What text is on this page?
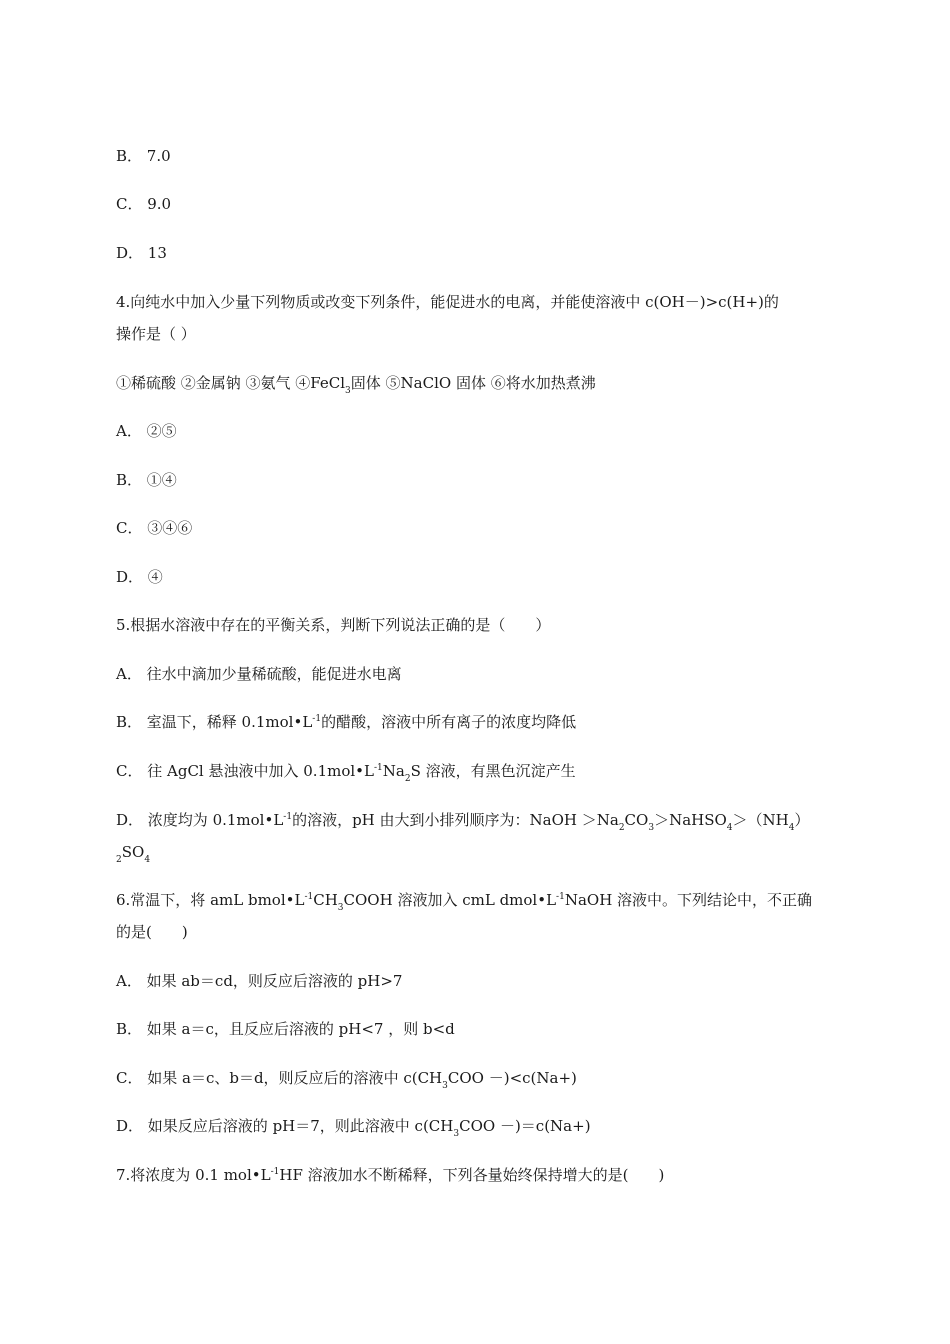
B． 7.0
C． 9.0
D． 13
4.向纯水中加入少量下列物质或改变下列条件，能促进水的电离，并能使溶液中 c(OH－)>c(H+)的
操作是（ ）
①稀硫酸 ②金属钠 ③氨气 ④FeCl$_3$固体 ⑤NaClO 固体 ⑥将水加热煮沸
A． ②⑤
B． ①④
C． ③④⑥
D． ④
5.根据水溶液中存在的平衡关系，判断下列说法正确的是（　　）
A． 往水中滴加少量稀硫酸，能促进水电离
B． 室温下，稀释 $0.1mol•L^{-1}$的醋酸，溶液中所有离子的浓度均降低
C． 往 AgCl 悬浊液中加入 $0.1mol•L^{-1}Na_2S$ 溶液，有黑色沉淀产生
D． 浓度均为 $0.1mol•L^{-1}$的溶液，pH 由大到小排列顺序为：NaOH $>Na_2CO_3>NaHSO_4>(NH_4)$
$_2SO_4$
6.常温下，将 amL $bmol•L^{-1}CH_3COOH$ 溶液加入 cmL $dmol•L^{-1}NaOH$ 溶液中。下列结论中，不正确
的是(　　)
A． 如果 ab＝cd，则反应后溶液的 pH>7
B． 如果 a＝c，且反应后溶液的 pH<7 ，则 b<d
C． 如果 a＝c、b＝d，则反应后的溶液中 $c(CH_3COO -)<c(Na+)$
D． 如果反应后溶液的 pH＝7，则此溶液中 $c(CH_3COO -)=c(Na+)$
7.将浓度为 0.1 $mol•L^{-1}HF$ 溶液加水不断稀释，下列各量始终保持增大的是(　　)
